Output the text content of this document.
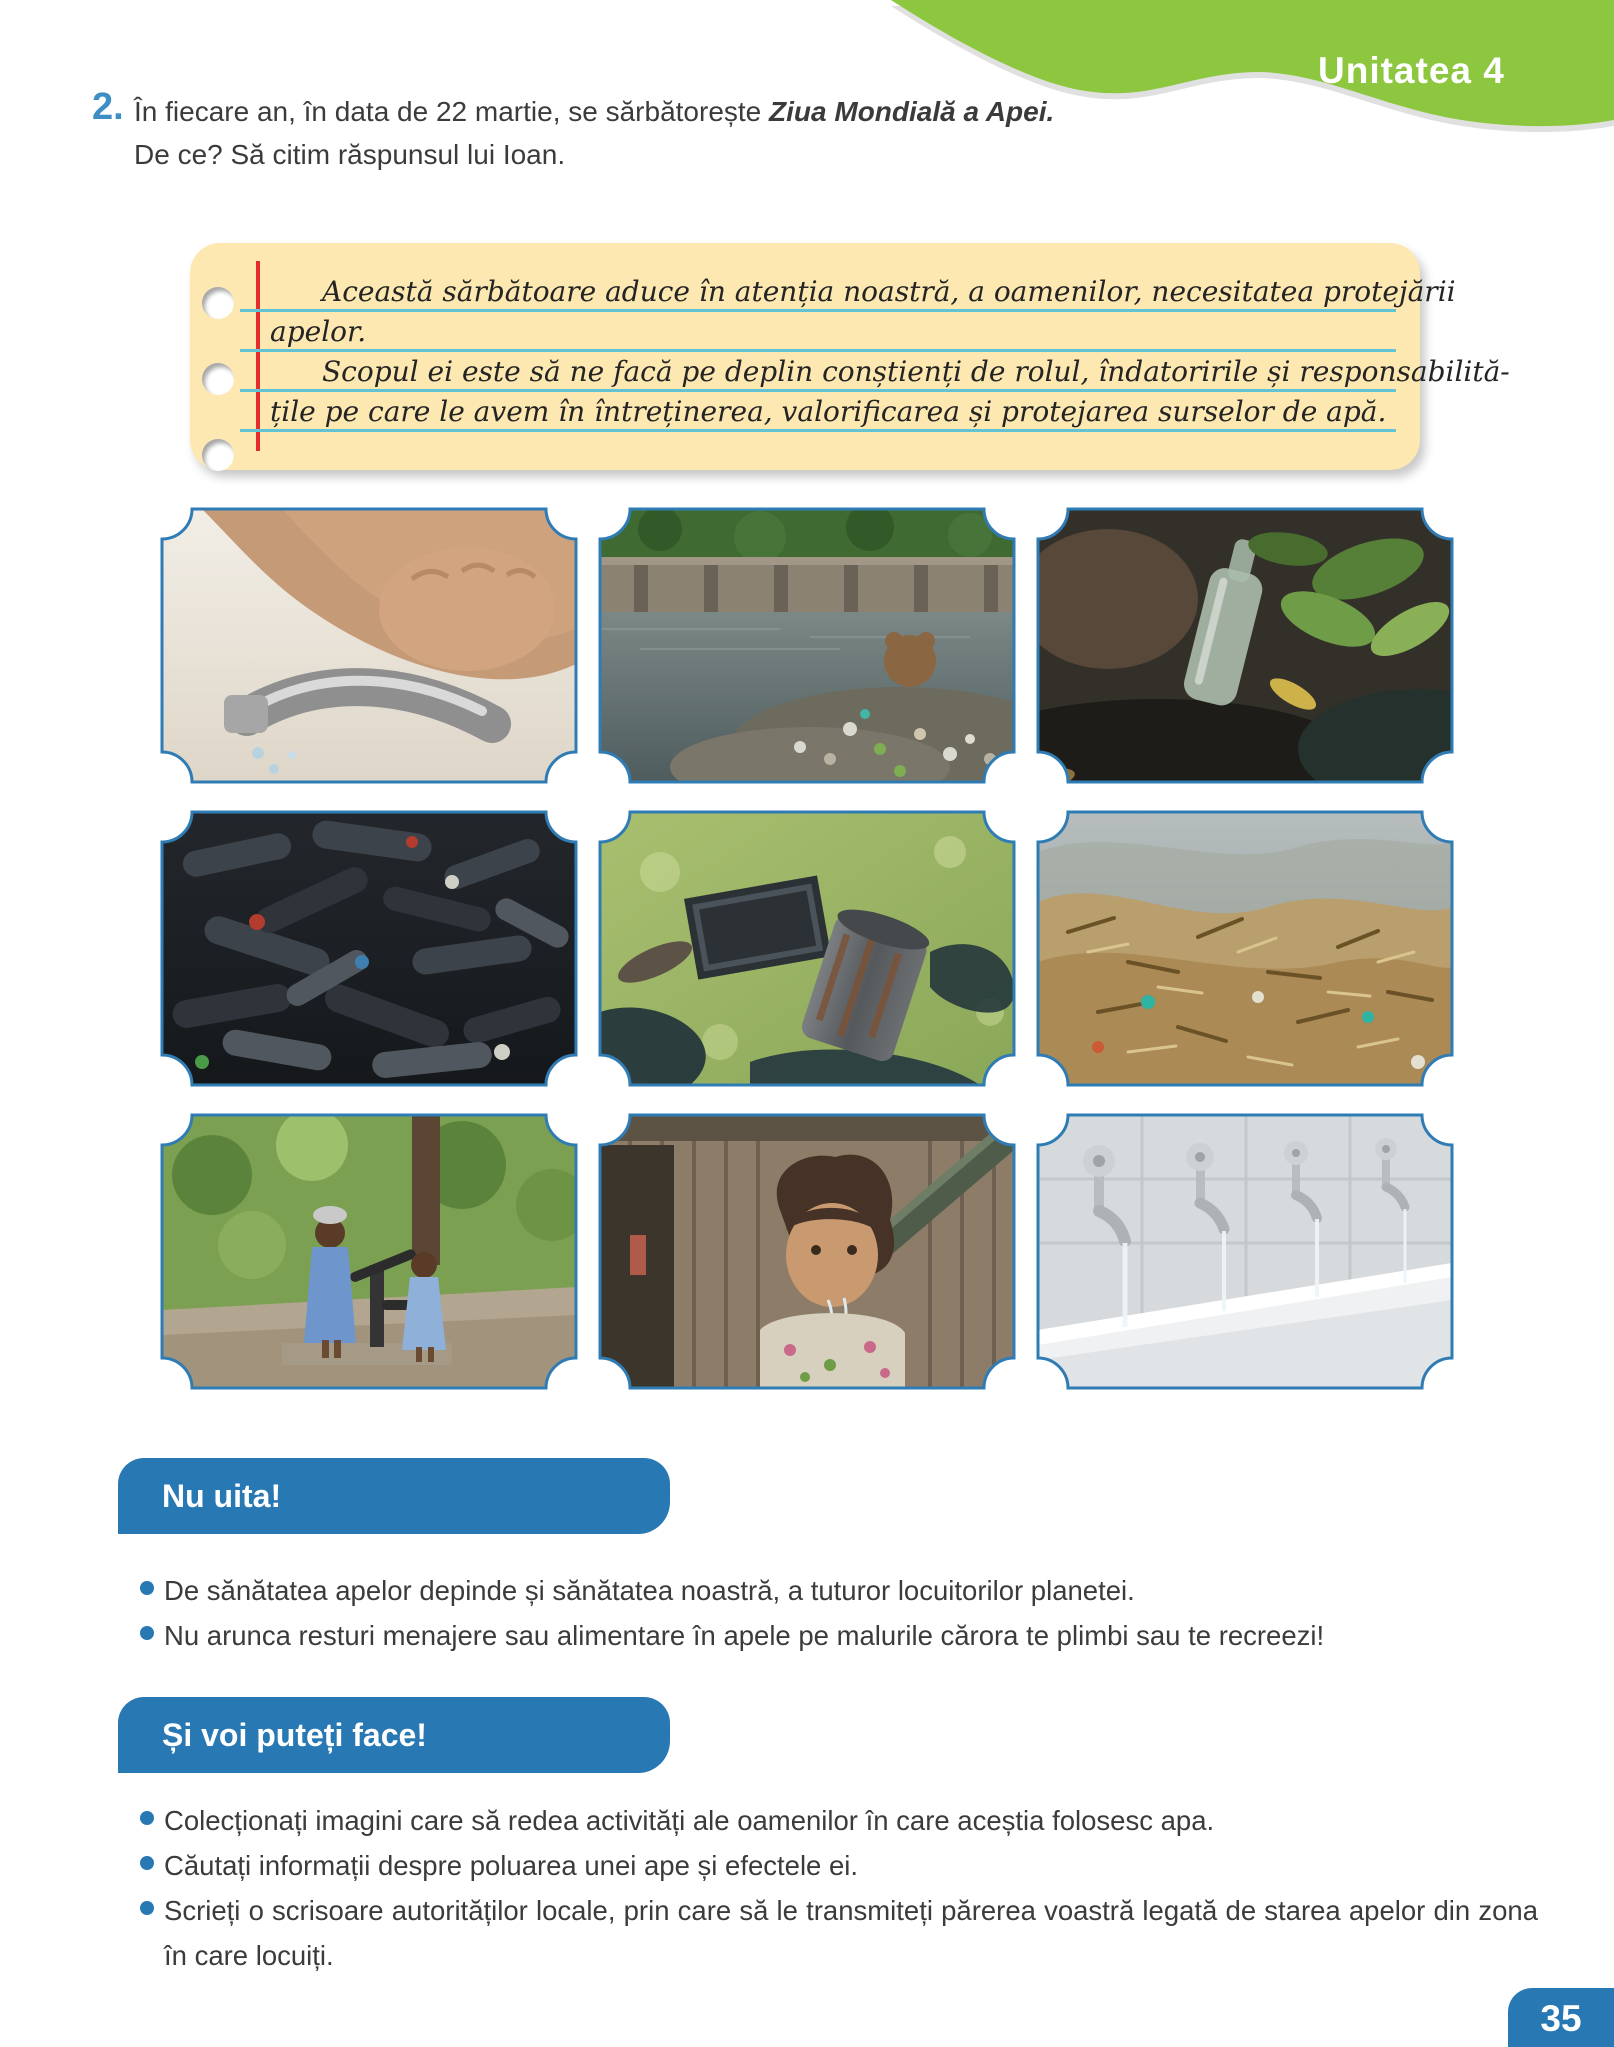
Unitatea 4
2. În fiecare an, în data de 22 martie, se sărbătorește Ziua Mondială a Apei.
De ce? Să citim răspunsul lui Ioan.
Această sărbătoare aduce în atenția noastră, a oamenilor, necesitatea protejării
apelor.
Scopul ei este să ne facă pe deplin conștienți de rolul, îndatoririle și responsabilită-
țile pe care le avem în întreținerea, valorificarea și protejarea surselor de apă.
Nu uita!
De sănătatea apelor depinde și sănătatea noastră, a tuturor locuitorilor planetei.
Nu arunca resturi menajere sau alimentare în apele pe malurile cărora te plimbi sau te recreezi!
Și voi puteți face!
Colecționați imagini care să redea activități ale oamenilor în care aceștia folosesc apa.
Căutați informații despre poluarea unei ape și efectele ei.
Scrieți o scrisoare autorităților locale, prin care să le transmiteți părerea voastră legată de starea apelor din zona în care locuiți.
35
